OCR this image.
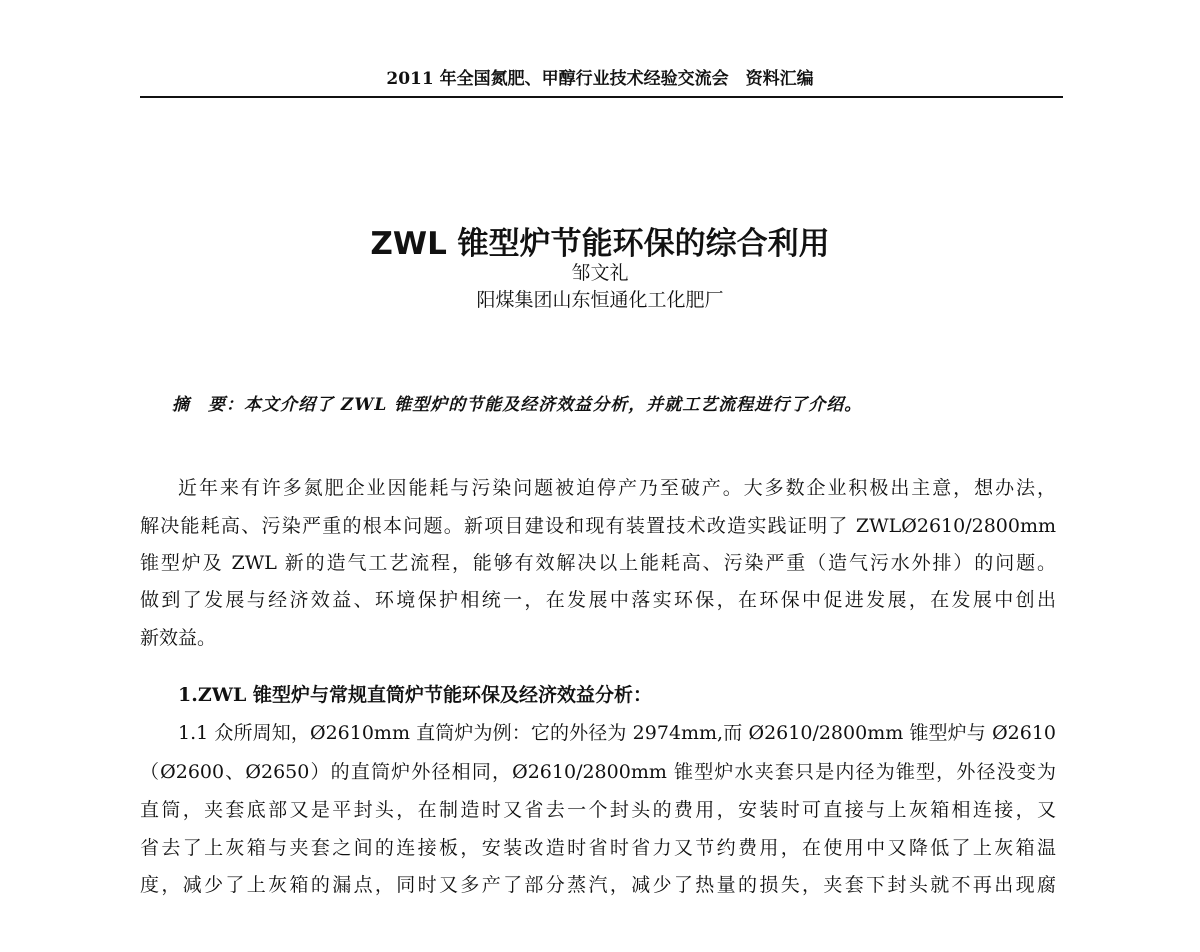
2011 年全国氮肥、甲醇行业技术经验交流会　资料汇编
ZWL 锥型炉节能环保的综合利用
邹文礼
阳煤集团山东恒通化工化肥厂
摘　要：本文介绍了 ZWL 锥型炉的节能及经济效益分析，并就工艺流程进行了介绍。
近年来有许多氮肥企业因能耗与污染问题被迫停产乃至破产。大多数企业积极出主意，想办法，
解决能耗高、污染严重的根本问题。新项目建设和现有装置技术改造实践证明了 ZWLØ2610/2800mm
锥型炉及 ZWL 新的造气工艺流程，能够有效解决以上能耗高、污染严重（造气污水外排）的问题。
做到了发展与经济效益、环境保护相统一，在发展中落实环保，在环保中促进发展，在发展中创出
新效益。
1.ZWL 锥型炉与常规直筒炉节能环保及经济效益分析：
1.1 众所周知，Ø2610mm 直筒炉为例：它的外径为 2974mm,而 Ø2610/2800mm 锥型炉与 Ø2610
（Ø2600、Ø2650）的直筒炉外径相同，Ø2610/2800mm 锥型炉水夹套只是内径为锥型，外径没变为
直筒，夹套底部又是平封头，在制造时又省去一个封头的费用，安装时可直接与上灰箱相连接，又
省去了上灰箱与夹套之间的连接板，安装改造时省时省力又节约费用，在使用中又降低了上灰箱温
度，减少了上灰箱的漏点，同时又多产了部分蒸汽，减少了热量的损失，夹套下封头就不再出现腐
